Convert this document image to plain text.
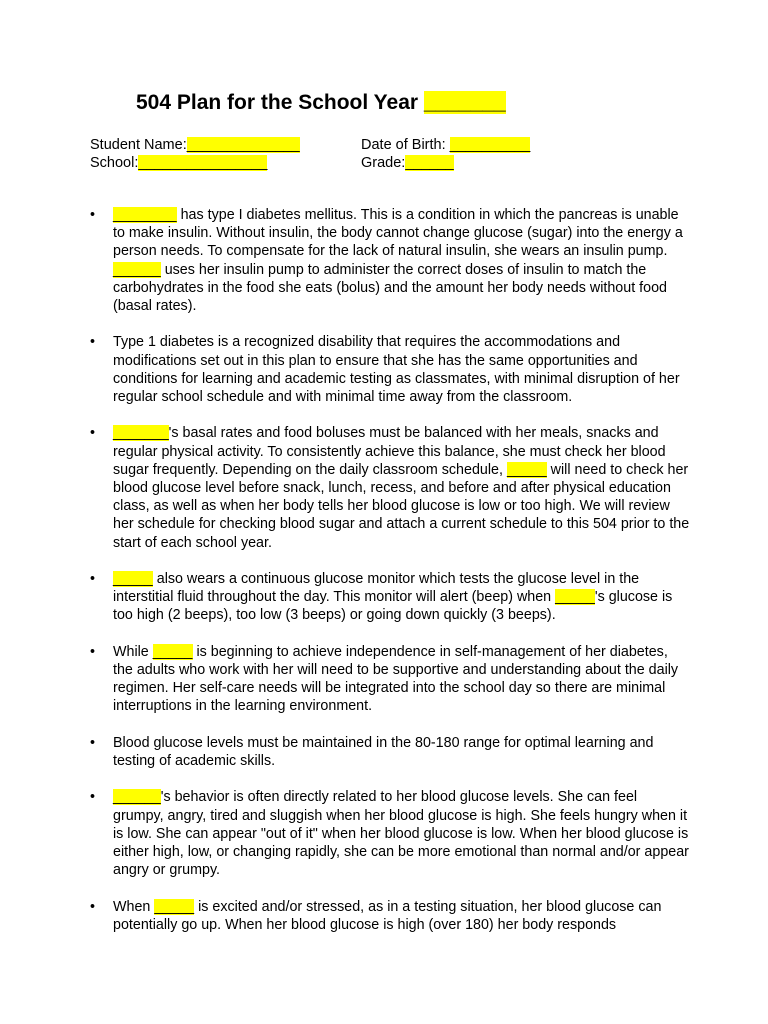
504 Plan for the School Year _______
Student Name:______________	Date of Birth: __________
School:________________	Grade:______
•	________ has type I diabetes mellitus. This is a condition in which the pancreas is unable to make insulin. Without insulin, the body cannot change glucose (sugar) into the energy a person needs. To compensate for the lack of natural insulin, she wears an insulin pump. ______ uses her insulin pump to administer the correct doses of insulin to match the carbohydrates in the food she eats (bolus) and the amount her body needs without food (basal rates).
•	Type 1 diabetes is a recognized disability that requires the accommodations and modifications set out in this plan to ensure that she has the same opportunities and conditions for learning and academic testing as classmates, with minimal disruption of her regular school schedule and with minimal time away from the classroom.
•	_______'s basal rates and food boluses must be balanced with her meals, snacks and regular physical activity. To consistently achieve this balance, she must check her blood sugar frequently. Depending on the daily classroom schedule, _____ will need to check her blood glucose level before snack, lunch, recess, and before and after physical education class, as well as when her body tells her blood glucose is low or too high. We will review her schedule for checking blood sugar and attach a current schedule to this 504 prior to the start of each school year.
•	_____ also wears a continuous glucose monitor which tests the glucose level in the interstitial fluid throughout the day. This monitor will alert (beep) when _____'s glucose is too high (2 beeps), too low (3 beeps) or going down quickly (3 beeps).
•	While _____ is beginning to achieve independence in self-management of her diabetes, the adults who work with her will need to be supportive and understanding about the daily regimen. Her self-care needs will be integrated into the school day so there are minimal interruptions in the learning environment.
•	Blood glucose levels must be maintained in the 80-180 range for optimal learning and testing of academic skills.
•	______'s behavior is often directly related to her blood glucose levels. She can feel grumpy, angry, tired and sluggish when her blood glucose is high. She feels hungry when it is low. She can appear "out of it" when her blood glucose is low. When her blood glucose is either high, low, or changing rapidly, she can be more emotional than normal and/or appear angry or grumpy.
•	When _____ is excited and/or stressed, as in a testing situation, her blood glucose can potentially go up. When her blood glucose is high (over 180) her body responds
